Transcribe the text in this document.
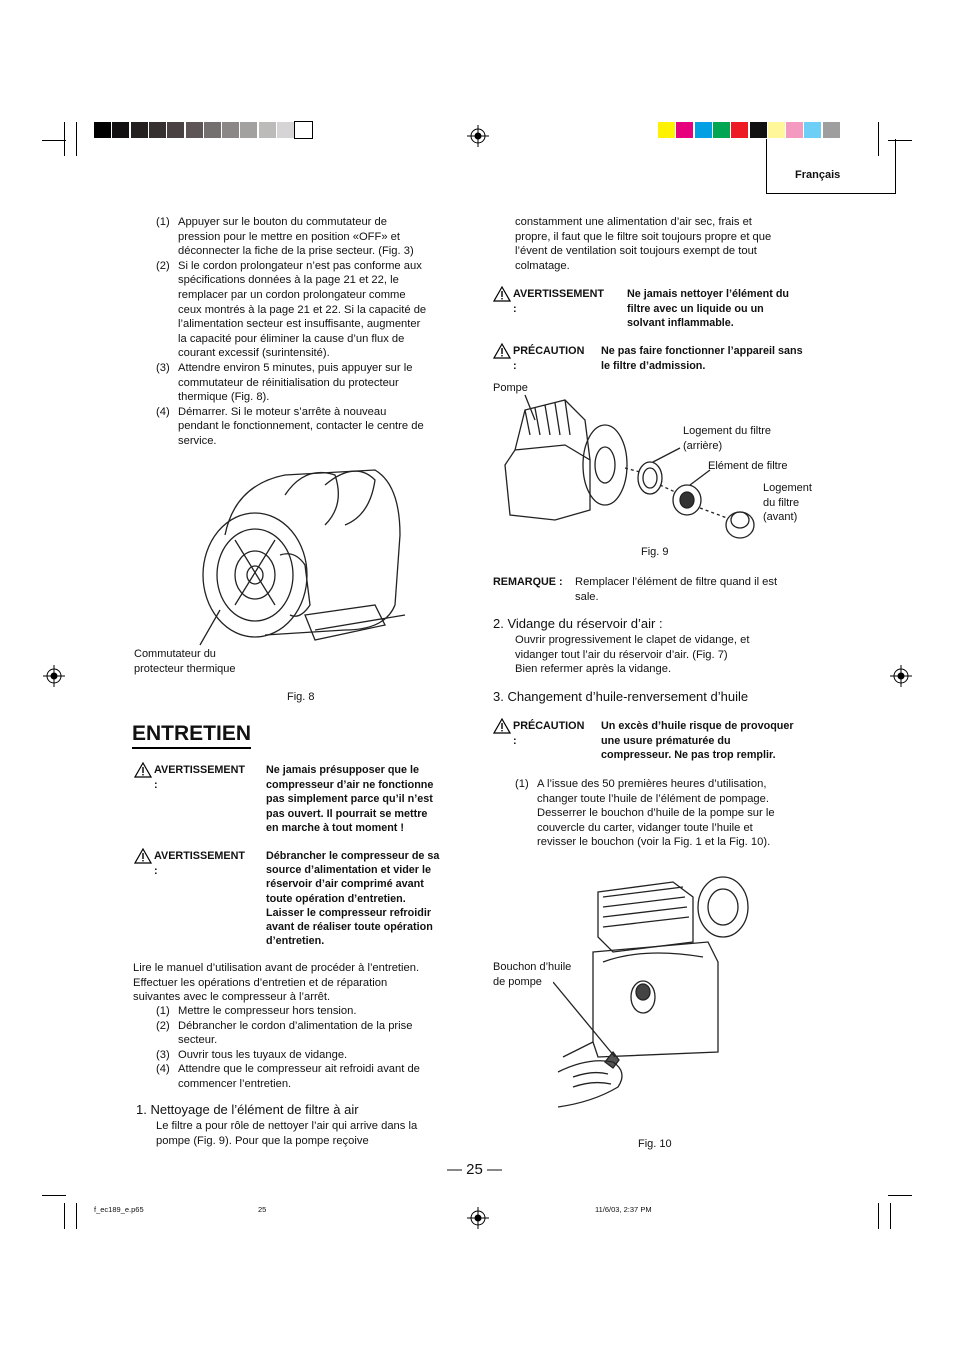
Français
(1) Appuyer sur le bouton du commutateur de
pression pour le mettre en position «OFF» et
déconnecter la fiche de la prise secteur. (Fig. 3)
(2) Si le cordon prolongateur n’est pas conforme aux
spécifications données à la page 21 et 22, le
remplacer par un cordon prolongateur comme
ceux montrés à la page 21 et 22. Si la capacité de
l’alimentation secteur est insuffisante, augmenter
la capacité pour éliminer la cause d’un flux de
courant excessif (surintensité).
(3) Attendre environ 5 minutes, puis appuyer sur le
commutateur de réinitialisation du protecteur
thermique (Fig. 8).
(4) Démarrer. Si le moteur s’arrête à nouveau
pendant le fonctionnement, contacter le centre de
service.
Commutateur du
protecteur thermique
Fig. 8
ENTRETIEN
AVERTISSEMENT :
Ne jamais présupposer que le
compresseur d’air ne fonctionne
pas simplement parce qu’il n’est
pas ouvert. Il pourrait se mettre
en marche à tout moment !
AVERTISSEMENT :
Débrancher le compresseur de sa
source d’alimentation et vider le
réservoir d’air comprimé avant
toute opération d’entretien.
Laisser le compresseur refroidir
avant de réaliser toute opération
d’entretien.
Lire le manuel d’utilisation avant de procéder à l’entretien.
Effectuer les opérations d’entretien et de réparation
suivantes avec le compresseur à l’arrêt.
(1) Mettre le compresseur hors tension.
(2) Débrancher le cordon d’alimentation de la prise
secteur.
(3) Ouvrir tous les tuyaux de vidange.
(4) Attendre que le compresseur ait refroidi avant de
commencer l’entretien.
1. Nettoyage de l’élément de filtre à air
Le filtre a pour rôle de nettoyer l’air qui arrive dans la
pompe (Fig. 9). Pour que la pompe reçoive
constamment une alimentation d’air sec, frais et
propre, il faut que le filtre soit toujours propre et que
l’évent de ventilation soit toujours exempt de tout
colmatage.
AVERTISSEMENT :
Ne jamais nettoyer l’élément du
filtre avec un liquide ou un
solvant inflammable.
PRÉCAUTION :
Ne pas faire fonctionner l’appareil sans
le filtre d’admission.
Pompe
Logement du filtre
(arrière)
Elément de filtre
Logement
du filtre
(avant)
Fig. 9
REMARQUE : Remplacer l’élément de filtre quand il est
sale.
2. Vidange du réservoir d’air :
Ouvrir progressivement le clapet de vidange, et
vidanger tout l’air du réservoir d’air. (Fig. 7)
Bien refermer après la vidange.
3. Changement d’huile-renversement d’huile
PRÉCAUTION :
Un excès d’huile risque de provoquer
une usure prématurée du
compresseur. Ne pas trop remplir.
(1) A l’issue des 50 premières heures d’utilisation,
changer toute l’huile de l’élément de pompage.
Desserrer le bouchon d’huile de la pompe sur le
couvercle du carter, vidanger toute l’huile et
revisser le bouchon (voir la Fig. 1 et la Fig. 10).
Bouchon d’huile
de pompe
Fig. 10
— 25 —
f_ec189_e.p65	25	11/6/03, 2:37 PM
